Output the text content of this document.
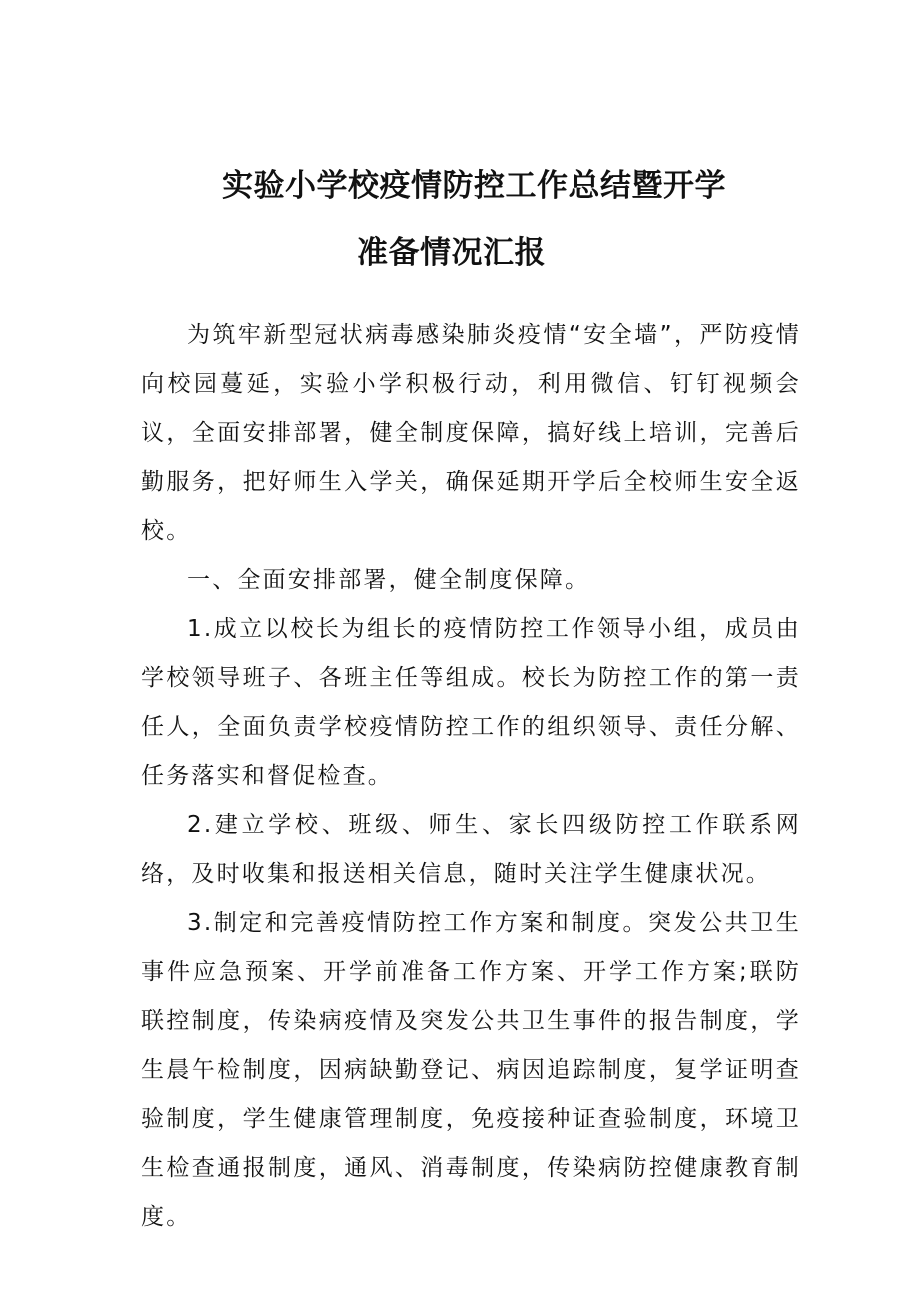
实验小学校疫情防控工作总结暨开学
准备情况汇报

为筑牢新型冠状病毒感染肺炎疫情“安全墙”，严防疫情向校园蔓延，实验小学积极行动，利用微信、钉钉视频会议，全面安排部署，健全制度保障，搞好线上培训，完善后勤服务，把好师生入学关，确保延期开学后全校师生安全返校。

一、全面安排部署，健全制度保障。

1.成立以校长为组长的疫情防控工作领导小组，成员由学校领导班子、各班主任等组成。校长为防控工作的第一责任人，全面负责学校疫情防控工作的组织领导、责任分解、任务落实和督促检查。

2.建立学校、班级、师生、家长四级防控工作联系网络，及时收集和报送相关信息，随时关注学生健康状况。

3.制定和完善疫情防控工作方案和制度。突发公共卫生事件应急预案、开学前准备工作方案、开学工作方案;联防联控制度，传染病疫情及突发公共卫生事件的报告制度，学生晨午检制度，因病缺勤登记、病因追踪制度，复学证明查验制度，学生健康管理制度，免疫接种证查验制度，环境卫生检查通报制度，通风、消毒制度，传染病防控健康教育制度。
